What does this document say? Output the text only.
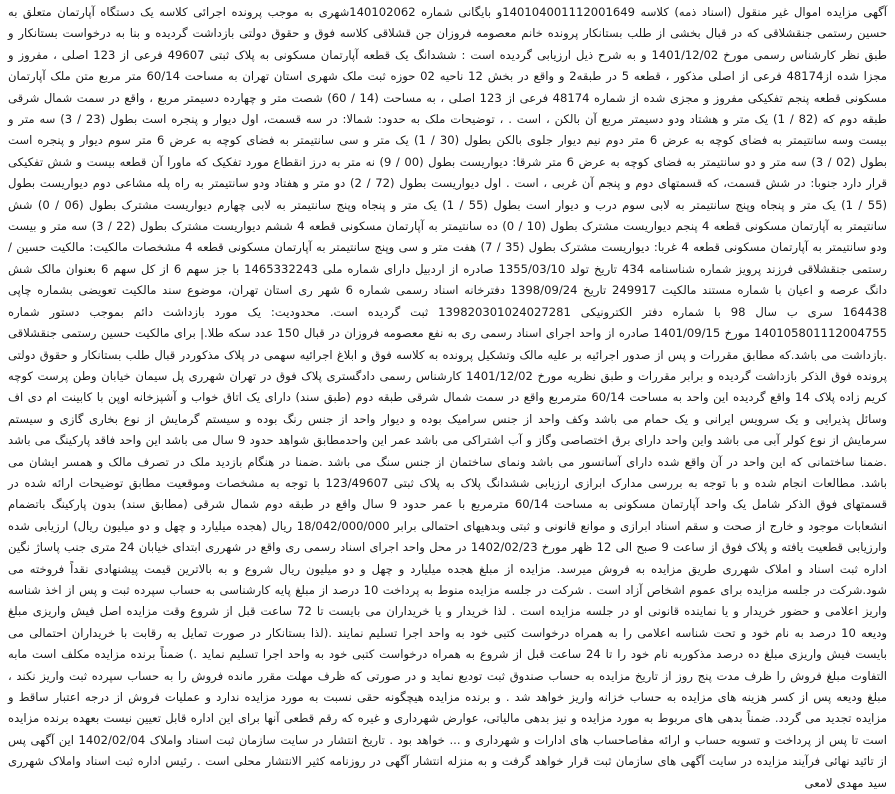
آگهی مزایده اموال غیر منقول (اسناد ذمه) کلاسه 140104001112001649و بایگانی شماره 140102062شهری به موجب پرونده اجرائی کلاسه یک دستگاه آپارتمان متعلق به حسین رستمی جنقشلاقی که در قبال بخشی از طلب بستانکار پرونده خانم معصومه فروزان جن قشلاقی کلاسه فوق و حقوق دولتی بازداشت گردیده و بنا به درخواست بستانکار و طبق نظر کارشناس رسمی مورخ 1401/12/02 و به شرح ذیل ارزیابی گردیده است : ششدانگ یک قطعه آپارتمان مسکونی به پلاک ثبتی 49607 فرعی از 123 اصلی ، مفروز و مجزا شده از48174 فرعی از اصلی مذکور ، قطعه 5 در طبقه2 و واقع در بخش 12 ناحیه 02 حوزه ثبت ملک شهری استان تهران به مساحت 60/14 متر مربع متن ملک آپارتمان مسکونی قطعه پنجم تفکیکی مفروز و مجزی شده از شماره 48174 فرعی از 123 اصلی ، به مساحت (14 / 60) شصت متر و چهارده دسیمتر مربع ، واقع در سمت شمال شرقی طبقه دوم که (82 / 1) یک متر و هشتاد ودو دسیمتر مربع آن بالکن ، است . ، توضیحات ملک به حدود: شمالا: در سه قسمت، اول دیوار و پنجره است بطول (23 / 3) سه متر و بیست وسه سانتیمتر به فضای کوچه به عرض 6 متر دوم نیم دیوار جلوی بالکن بطول (30 / 1) یک متر و سی سانتیمتر به فضای کوچه به عرض 6 متر سوم دیوار و پنجره است بطول (02 / 3) سه متر و دو سانتیمتر به فضای کوچه به عرض 6 متر شرقا: دیواریست بطول (00 / 9) نه متر به درز انقطاع مورد تفکیک که ماورا آن قطعه بیست و شش تفکیکی قرار دارد جنوبا: در شش قسمت، که قسمتهای دوم و پنجم آن غربی ، است . اول دیواریست بطول (72 / 2) دو متر و هفتاد ودو سانتیمتر به راه پله مشاعی دوم دیواریست بطول (55 / 1) یک متر و پنجاه وپنج سانتیمتر به لابی سوم درب و دیوار است بطول (55 / 1) یک متر و پنجاه وپنج سانتیمتر به لابی چهارم دیواریست مشترک بطول (06 / 0) شش سانتیمتر به آپارتمان مسکونی قطعه 4 پنجم دیواریست مشترک بطول (10 / 0) ده سانتیمتر به آپارتمان مسکونی قطعه 4 ششم دیواریست مشترک بطول (22 / 3) سه متر و بیست ودو سانتیمتر به آپارتمان مسکونی قطعه 4 غربا: دیواریست مشترک بطول (35 / 7) هفت متر و سی وپنج سانتیمتر به آپارتمان مسکونی قطعه 4 مشخصات مالکیت: مالکیت حسین / رستمی جنقشلاقی فرزند پرویز شماره شناسنامه 434 تاریخ تولد 1355/03/10 صادره از اردبیل دارای شماره ملی 1465332243 با جز سهم 6 از کل سهم 6 بعنوان مالک شش دانگ عرصه و اعیان با شماره مستند مالکیت 249917 تاریخ 1398/09/24 دفترخانه اسناد رسمی شماره 6 شهر ری استان تهران، موضوع سند مالکیت تعویضی بشماره چاپی 164438 سری ب سال 98 با شماره دفتر الکترونیکی 139820301024027281 ثبت گردیده است. محدودیت: یک مورد بازداشت دائم بموجب دستور شماره 140105801112004755 مورخ 1401/09/15 صادره از واحد اجرای اسناد رسمی ری به نفع معصومه فروزان در قبال 150 عدد سکه طلا.| برای مالکیت حسین رستمی جنقشلاقی .بازداشت می باشد.که مطابق مقررات و پس از صدور اجرائیه بر علیه مالک وتشکیل پرونده به کلاسه فوق و ابلاغ اجرائیه سهمی در پلاک مذکوردر قبال طلب بستانکار و حقوق دولتی پرونده فوق الذکر بازداشت گردیده و برابر مقررات و طبق نظریه مورخ 1401/12/02 کارشناس رسمی دادگستری پلاک فوق در تهران شهرری پل سیمان خیابان وطن پرست کوچه کریم زاده پلاک 14 واقع گردیده این واحد به مساحت 60/14 مترمربع واقع در سمت شمال شرقی طبقه دوم (طبق سند) دارای یک اتاق خواب و آشپزخانه اوپن با کابینت ام دی اف وسائل پذیرایی و یک سرویس ایرانی و یک حمام می باشد وکف واحد از جنس سرامیک بوده و دیوار واحد از جنس رنگ بوده و سیستم گرمایش از نوع بخاری گازی و سیستم سرمایش از نوع کولر آبی می باشد واین واحد دارای برق اختصاصی وگاز و آب اشتراکی می باشد عمر این واحدمطابق شواهد حدود 9 سال می باشد این واحد فاقد پارکینگ می باشد .ضمنا ساختمانی که این واحد در آن واقع شده دارای آسانسور می باشد ونمای ساختمان از جنس سنگ می باشد .ضمنا در هنگام بازدید ملک در تصرف مالک و همسر ایشان می باشد. مطالعات انجام شده و با توجه به بررسی مدارک ابرازی ارزیابی ششدانگ پلاک به پلاک ثبتی 123/49607 با توجه به مشخصات وموقعیت مطابق توضیحات ارائه شده در قسمتهای فوق الذکر شامل یک واحد آپارتمان مسکونی به مساحت 60/14 مترمربع با عمر حدود 9 سال واقع در طبقه دوم شمال شرقی (مطابق سند) بدون پارکینگ باتضمام انشعابات موجود و خارج از صحت و سقم اسناد ابرازی و موانع قانونی و ثبتی وبدهیهای احتمالی برابر 18/042/000/000 ریال (هجده میلیارد و چهل و دو میلیون ریال) ارزیابی شده وارزیابی قطعیت یافته و پلاک فوق از ساعت 9 صبح الی 12 ظهر مورخ 1402/02/23 در محل واحد اجرای اسناد رسمی ری واقع در شهرری ابتدای خیابان 24 متری جنب پاساژ نگین اداره ثبت اسناد و املاک شهرری طریق مزایده به فروش میرسد. مزایده از مبلغ هجده میلیارد و چهل و دو میلیون ریال شروع و به بالاترین قیمت پیشنهادی نقداً فروخته می شود.شرکت در جلسه مزایده برای عموم اشخاص آزاد است . شرکت در جلسه مزایده منوط به پرداخت 10 درصد از مبلغ پایه کارشناسی به حساب سپرده ثبت و پس از اخذ شناسه واریز اعلامی و حضور خریدار و یا نماینده قانونی او در جلسه مزایده است . لذا خریدار و یا خریداران می بایست تا 72 ساعت قبل از شروع وقت مزایده اصل فیش واریزی مبلغ ودیعه 10 درصد به نام خود و تحت شناسه اعلامی را به همراه درخواست کتبی خود به واحد اجرا تسلیم نمایند .(لذا بستانکار در صورت تمایل به رقابت با خریداران احتمالی می بایست فیش واریزی مبلغ ده درصد مذکوربه نام خود را تا 24 ساعت قبل از شروع به همراه درخواست کتبی خود به واحد اجرا تسلیم نماید .) ضمناً برنده مزایده مکلف است مابه التفاوت مبلغ فروش را ظرف مدت پنج روز از تاریخ مزایده به حساب صندوق ثبت تودیع نماید و در صورتی که ظرف مهلت مقرر مانده فروش را به حساب سپرده ثبت واریز نکند ، مبلغ ودیعه پس از کسر هزینه های مزایده به حساب خزانه واریز خواهد شد . و برنده مزایده هیچگونه حقی نسبت به مورد مزایده ندارد و عملیات فروش از درجه اعتبار ساقط و مزایده تجدید می گردد. ضمناً بدهی های مربوط به مورد مزایده و نیز بدهی مالیاتی، عوارض شهرداری و غیره که رقم قطعی آنها برای این اداره قابل تعیین نیست بعهده برنده مزایده است تا پس از پرداخت و تسویه حساب و ارائه مفاصاحساب های ادارات و شهرداری و ... خواهد بود . تاریخ انتشار در سایت سازمان ثبت اسناد واملاک 1402/02/04 این آگهی پس از تائید نهائی فرآیند مزایده در سایت آگهی های سازمان ثبت قرار خواهد گرفت و به منزله انتشار آگهی در روزنامه کثیر الانتشار محلی است . رئیس اداره ثبت اسناد واملاک شهرری سید مهدی لامعی
